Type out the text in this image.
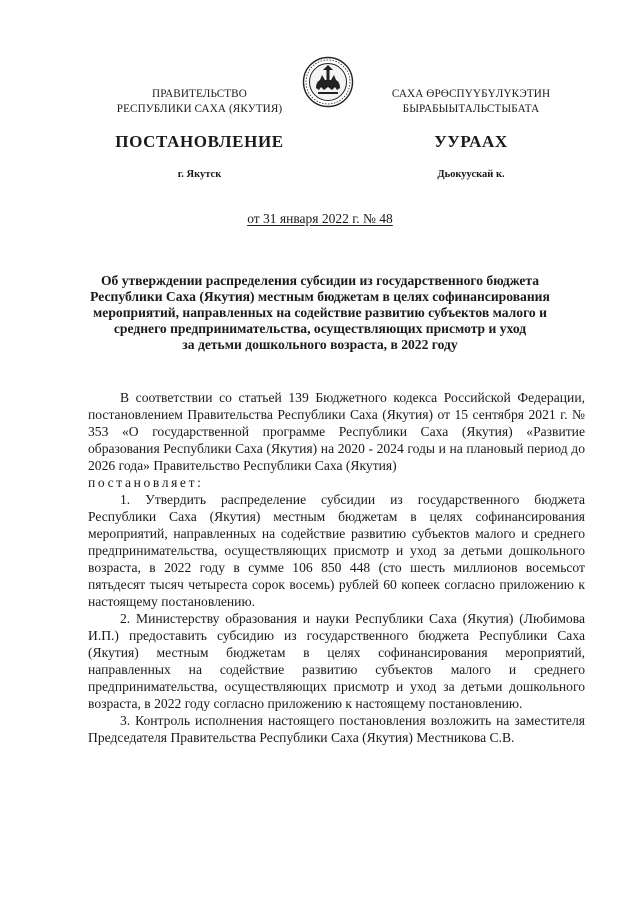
ПРАВИТЕЛЬСТВО
РЕСПУБЛИКИ САХА (ЯКУТИЯ)
САХА ӨРӨСПҮҮБҮЛҮКЭТИН
БЫРАБЫЫТАЛЬСТЫБАТА
ПОСТАНОВЛЕНИЕ	УУРААХ
г. Якутск	Дьокуускай к.
от 31 января 2022 г. № 48
Об утверждении распределения субсидии из государственного бюджета
Республики Саха (Якутия) местным бюджетам в целях софинансирования
мероприятий, направленных на содействие развитию субъектов малого и
среднего предпринимательства, осуществляющих присмотр и уход
за детьми дошкольного возраста, в 2022 году

В соответствии со статьей 139 Бюджетного кодекса Российской Федерации, постановлением Правительства Республики Саха (Якутия) от 15 сентября 2021 г. № 353 «О государственной программе Республики Саха (Якутия) «Развитие образования Республики Саха (Якутия) на 2020 - 2024 годы и на плановый период до 2026 года» Правительство Республики Саха (Якутия)

постановляет:

1. Утвердить распределение субсидии из государственного бюджета Республики Саха (Якутия) местным бюджетам в целях софинансирования мероприятий, направленных на содействие развитию субъектов малого и среднего предпринимательства, осуществляющих присмотр и уход за детьми дошкольного возраста, в 2022 году в сумме 106 850 448 (сто шесть миллионов восемьсот пятьдесят тысяч четыреста сорок восемь) рублей 60 копеек согласно приложению к настоящему постановлению.

2. Министерству образования и науки Республики Саха (Якутия) (Любимова И.П.) предоставить субсидию из государственного бюджета Республики Саха (Якутия) местным бюджетам в целях софинансирования мероприятий, направленных на содействие развитию субъектов малого и среднего предпринимательства, осуществляющих присмотр и уход за детьми дошкольного возраста, в 2022 году согласно приложению к настоящему постановлению.

3. Контроль исполнения настоящего постановления возложить на заместителя Председателя Правительства Республики Саха (Якутия) Местникова С.В.
